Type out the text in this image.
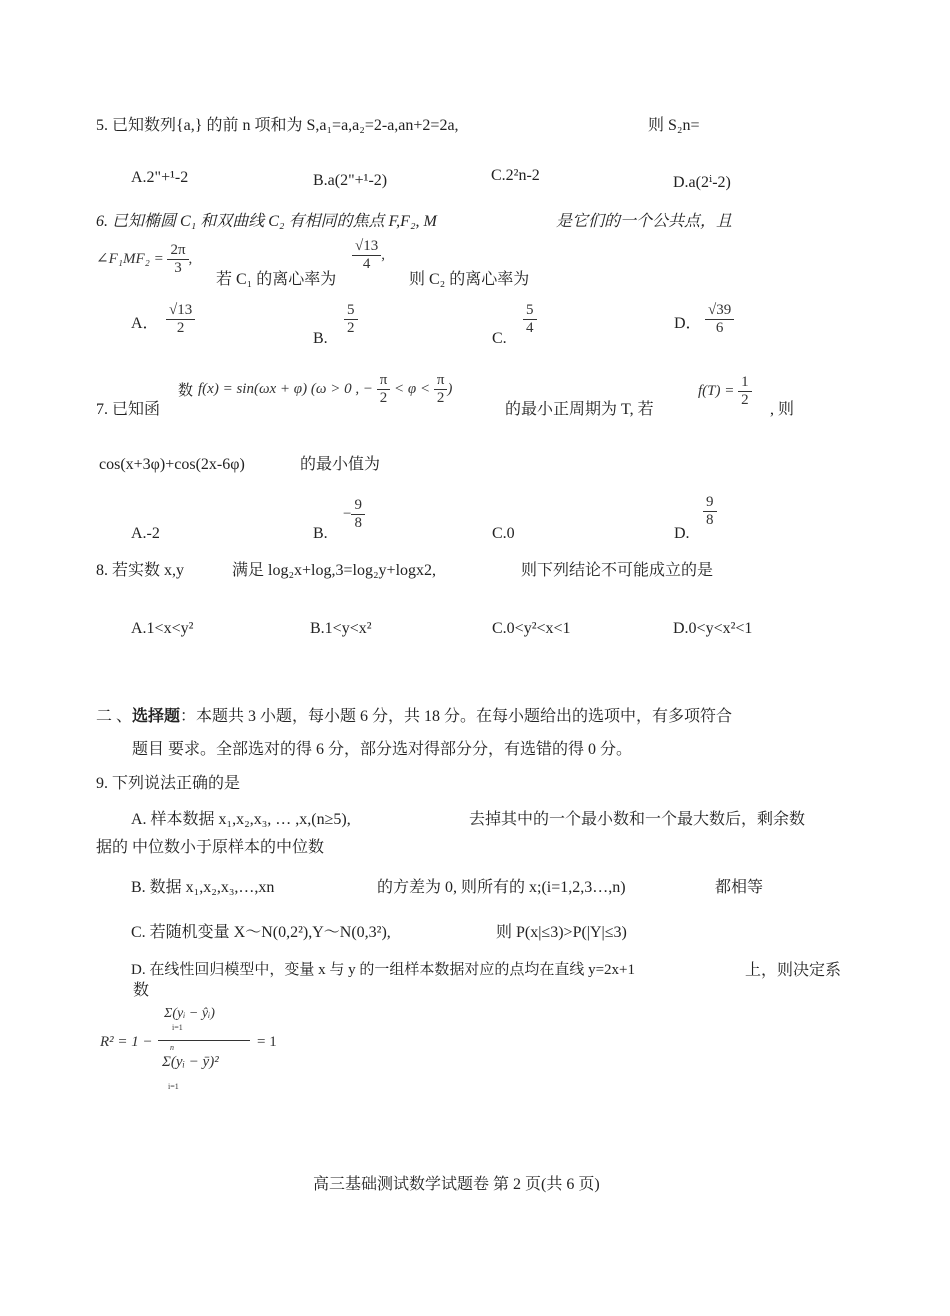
5. 已知数列{a,} 的前 n 项和为 S,a₁=a,a₂=2-a,an+2=2a,	则 S₂n=
A.2"+¹-2	B.a(2"+¹-2)	C.2²n-2	D.a(2ⁱ-2)
6. 已知椭圆 C₁ 和双曲线 C₂ 有相同的焦点 F,F₂, M	是它们的一个公共点，且
∠F₁MF₂ = $\frac{2\pi}{3}$ ,
若 C₁ 的离心率为
$\frac{√13}{4}$ ,
则 C₂ 的离心率为
A． $\frac{√13}{2}$
B.
$\frac{5}{2}$
C.
$\frac{5}{4}$	D． $\frac{√39}{6}$
7. 已知函
数 f(x) = sin(ωx + φ) (ω > 0 , − $\frac{\pi}{2} < \varphi < \frac{\pi}{2}$ )
的最小正周期为 T, 若
$f(T) = \frac{1}{2}$ , 则
cos(x+3φ)+cos(2x-6φ)	的最小值为
A.-2	B.
− $\frac{9}{8}$
C.0	D.
$\frac{9}{8}$
8. 若实数 x,y	满足 log₂x+log,3=log₂y+logx2,	则下列结论不可能成立的是
A.1<x<y²	B.1<y<x²	C.0<y²<x<1	D.0<y<x²<1
二 、选择题：本题共 3 小题，每小题 6 分，共 18 分。在每小题给出的选项中，有多项符合
题目 要求。全部选对的得 6 分，部分选对得部分分，有选错的得 0 分。
9. 下列说法正确的是
A. 样本数据 x₁,x₂,x₃, … ,x,(n≥5),	去掉其中的一个最小数和一个最大数后，剩余数
据的 中位数小于原样本的中位数
B. 数据 x₁,x₂,x₃,…,xn	的方差为 0, 则所有的 x;(i=1,2,3…,n)	都相等
C. 若随机变量 X～N(0,2²),Y～N(0,3²),	则 P(x|≤3)>P(|Y|≤3)
D. 在线性回归模型中，变量 x 与 y 的一组样本数据对应的点均在直线 y=2x+1	上，则决定系
数
R² = 1 −
Σ(yᵢ − ŷᵢ)
i=1
n
Σ(yᵢ − ȳ)²
i=1
= 1
高三基础测试数学试题卷 第 2 页(共 6 页)
